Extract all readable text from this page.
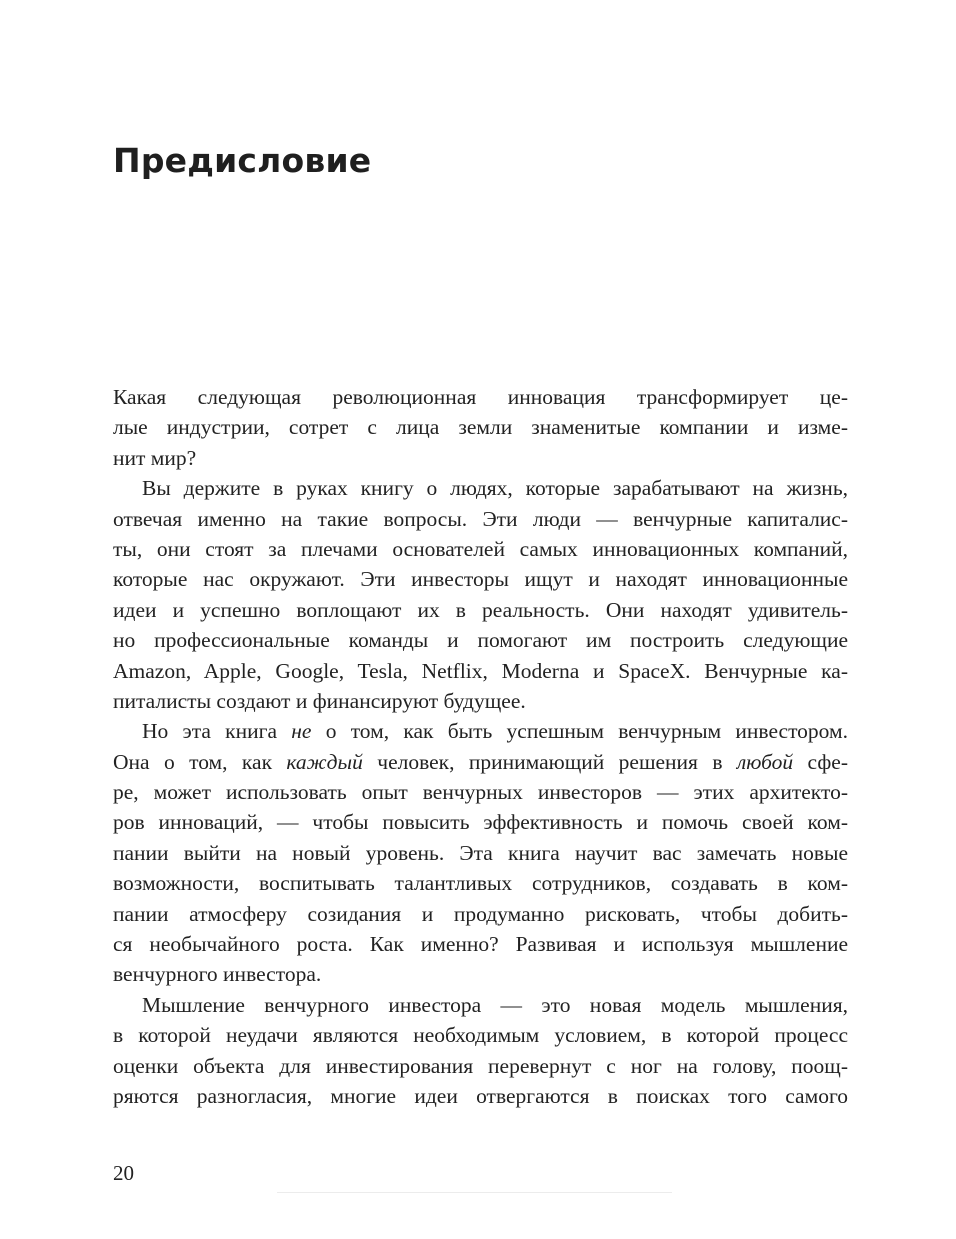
Предисловие

Какая следующая революционная инновация трансформирует це-
лые индустрии, сотрет с лица земли знаменитые компании и изме-
нит мир?

Вы держите в руках книгу о людях, которые зарабатывают на жизнь,
отвечая именно на такие вопросы. Эти люди — венчурные капиталис-
ты, они стоят за плечами основателей самых инновационных компаний,
которые нас окружают. Эти инвесторы ищут и находят инновационные
идеи и успешно воплощают их в реальность. Они находят удивитель-
но профессиональные команды и помогают им построить следующие
Amazon, Apple, Google, Tesla, Netflix, Moderna и SpaceX. Венчурные ка-
питалисты создают и финансируют будущее.

Но эта книга не о том, как быть успешным венчурным инвестором.
Она о том, как каждый человек, принимающий решения в любой сфе-
ре, может использовать опыт венчурных инвесторов — этих архитекто-
ров инноваций, — чтобы повысить эффективность и помочь своей ком-
пании выйти на новый уровень. Эта книга научит вас замечать новые
возможности, воспитывать талантливых сотрудников, создавать в ком-
пании атмосферу созидания и продуманно рисковать, чтобы добить-
ся необычайного роста. Как именно? Развивая и используя мышление
венчурного инвестора.

Мышление венчурного инвестора — это новая модель мышления,
в которой неудачи являются необходимым условием, в которой процесс
оценки объекта для инвестирования перевернут с ног на голову, поощ-
ряются разногласия, многие идеи отвергаются в поисках того самого

20
